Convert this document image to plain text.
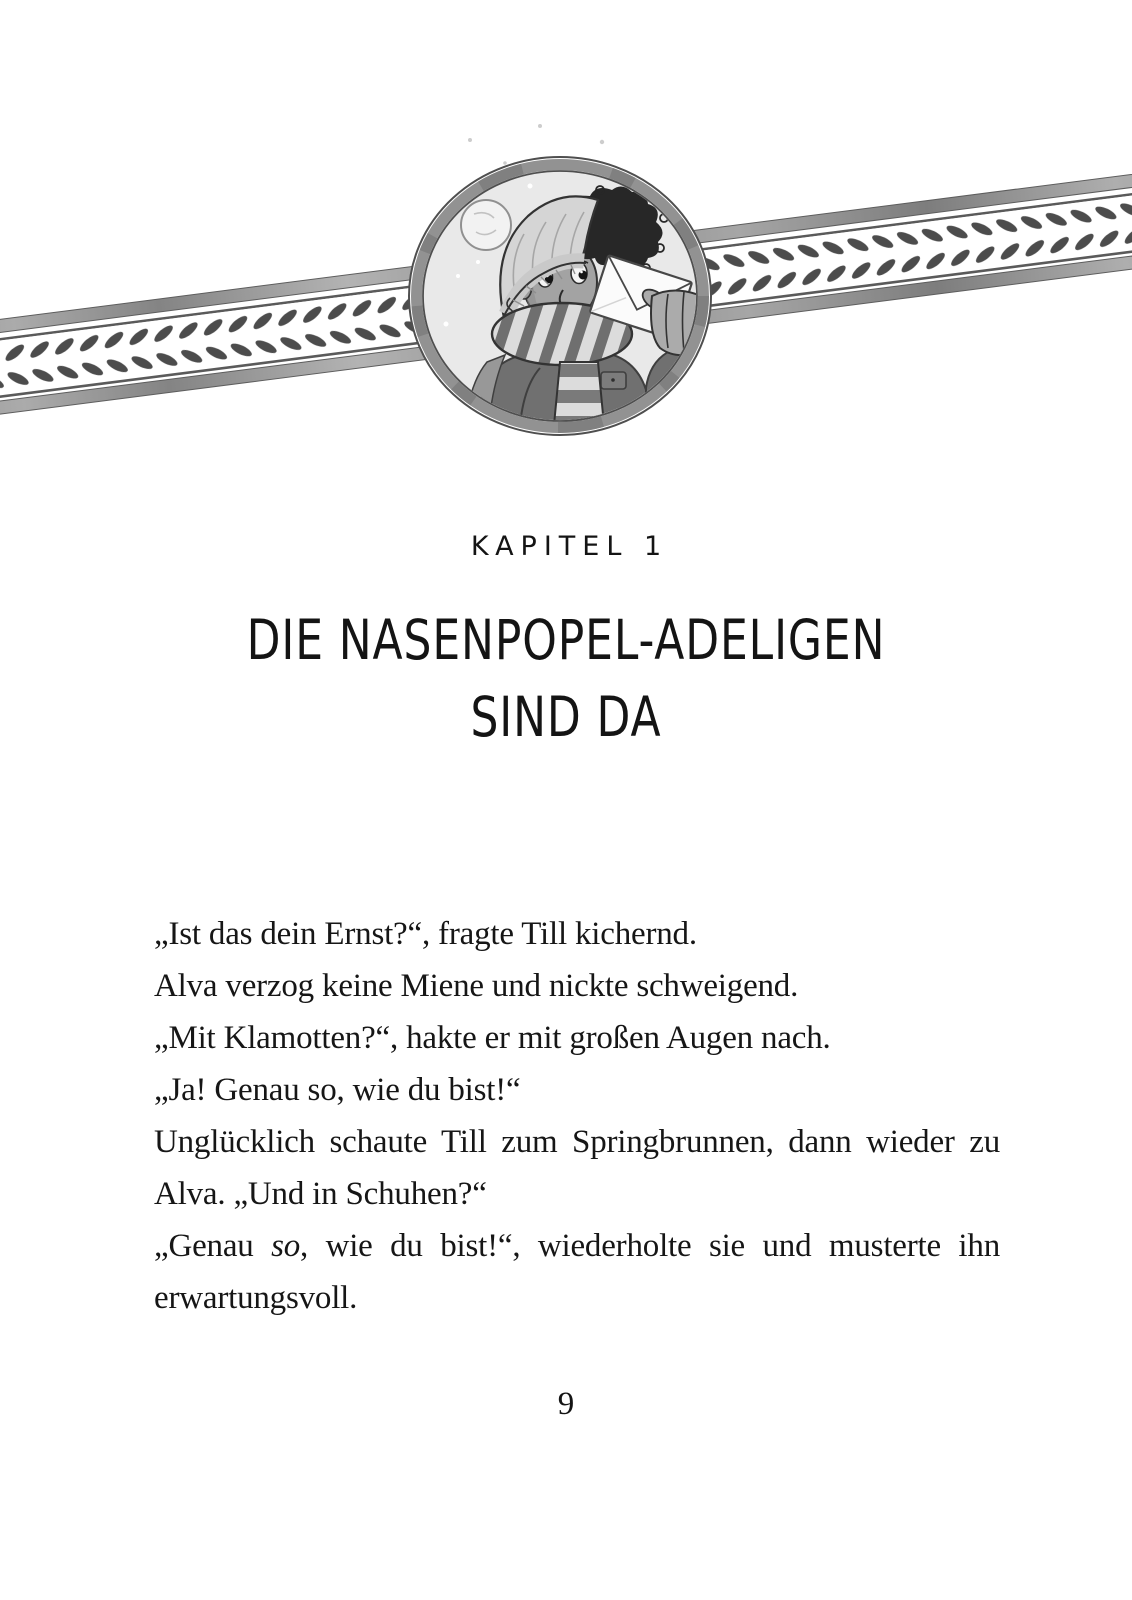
KAPITEL 1
DIE NASENPOPEL-ADELIGEN
SIND DA

„Ist das dein Ernst?“, fragte Till kichernd.

Alva verzog keine Miene und nickte schweigend.

„Mit Klamotten?“, hakte er mit großen Augen nach.

„Ja! Genau so, wie du bist!“

Unglücklich schaute Till zum Springbrunnen, dann wieder zu Alva. „Und in Schuhen?“

„Genau so, wie du bist!“, wiederholte sie und musterte ihn erwartungsvoll.

9
